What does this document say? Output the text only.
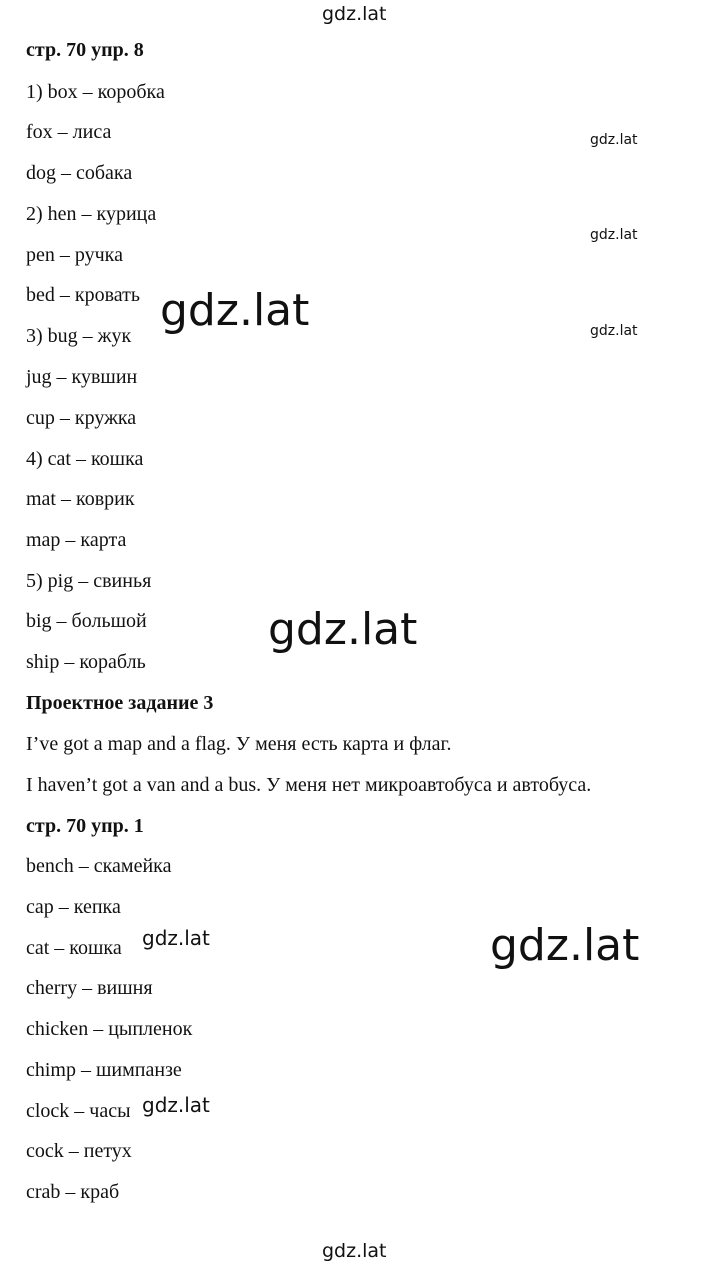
стр. 70 упр. 8
1) box – коробка
fox – лиса
dog – собака
2) hen – курица
pen – ручка
bed – кровать
3) bug – жук
jug – кувшин
cup – кружка
4) cat – кошка
mat – коврик
map – карта
5) pig – свинья
big – большой
ship – корабль
Проектное задание 3
I’ve got a map and a flag. У меня есть карта и флаг.
I haven’t got a van and a bus. У меня нет микроавтобуса и автобуса.
стр. 70 упр. 1
bench – скамейка
cap – кепка
cat – кошка
cherry – вишня
chicken – цыпленок
chimp – шимпанзе
clock – часы
cock – петух
crab – краб
gdz.lat
gdz.lat
gdz.lat
gdz.lat
gdz.lat
gdz.lat
gdz.lat
gdz.lat
gdz.lat
gdz.lat
